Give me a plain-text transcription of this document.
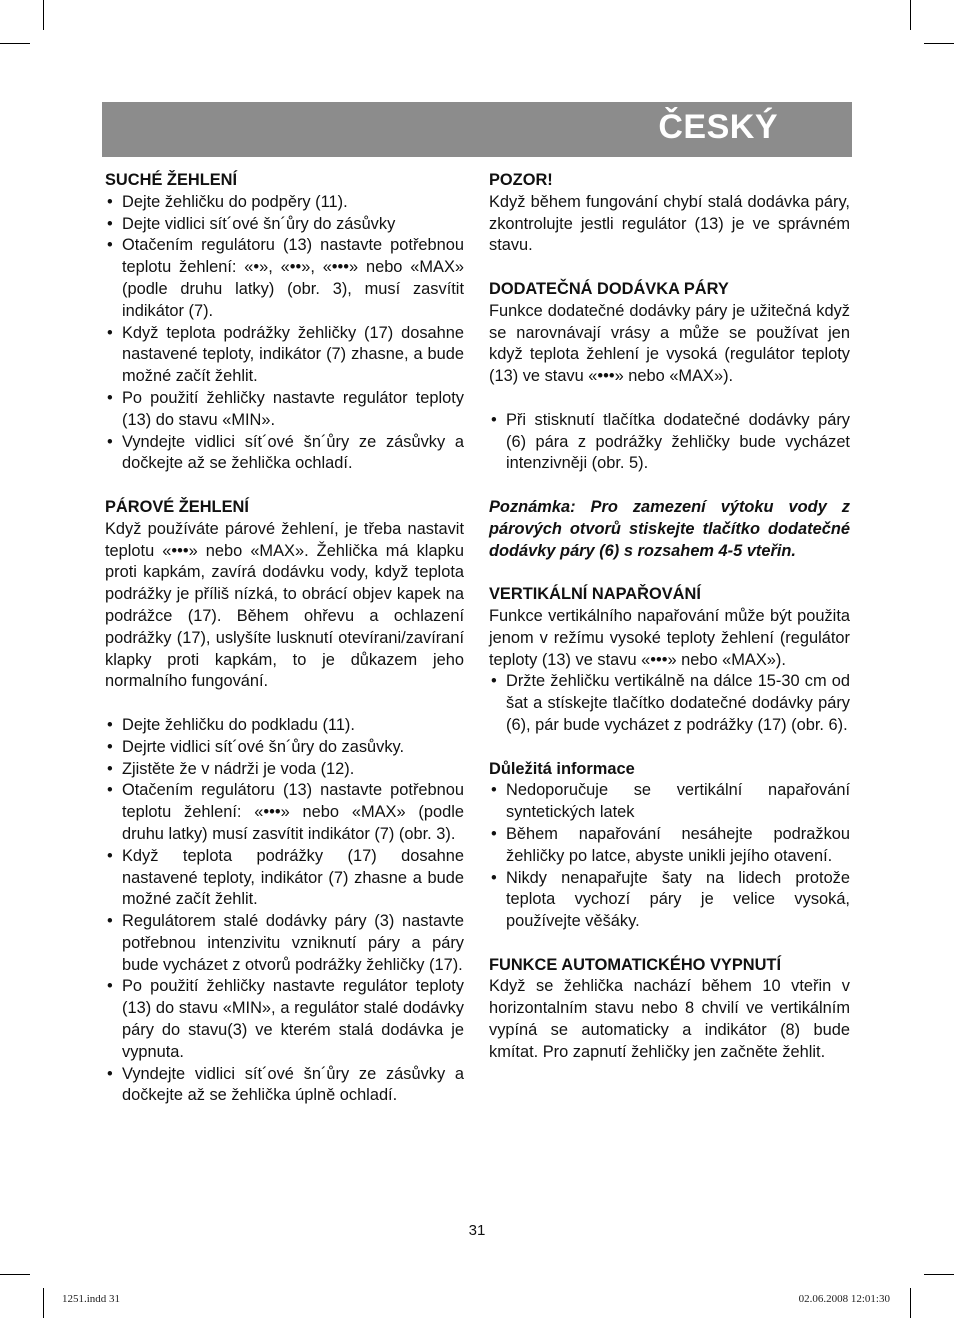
ČESKÝ
SUCHÉ ŽEHLENÍ
• Dejte žehličku do podpěry (11).
• Dejte vidlici sít´ové šn´ůry do zásůvky
• Otačením regulátoru (13) nastavte potřebnou teplotu žehlení: «•», «••», «•••» nebo «MAX» (podle druhu latky) (obr. 3), musí zasvítit indikátor (7).
• Když teplota podrážky žehličky (17) dosahne nastavené teploty, indikátor (7) zhasne, a bude možné začít žehlit.
• Po použití žehličky nastavte regulátor teploty (13) do stavu «MIN».
• Vyndejte vidlici sít´ové šn´ůry ze zásůvky a dočkejte až se žehlička ochladí.
PÁROVÉ ŽEHLENÍ

Když používáte párové žehlení, je třeba nastavit teplotu «•••» nebo «MAX». Žehlička má klapku proti kapkám, zavírá dodávku vody, když teplota podrážky je příliš nízká, to obrácí objev kapek na podrážce (17). Během ohřevu a ochlazení podrážky (17), uslyšíte lusknutí otevírani/zavíraní klapky proti kapkám, to je důkazem jeho normalního fungování.

• Dejte žehličku do podkladu (11).
• Dejrte vidlici sít´ové šn´ůry do zasůvky.
• Zjistěte že v nádrži je voda (12).
• Otačením regulátoru (13) nastavte potřebnou teplotu žehlení: «•••» nebo «MAX» (podle druhu latky) musí zasvítit indikátor (7) (obr. 3).
• Když teplota podrážky (17) dosahne nastavené teploty, indikátor (7) zhasne a bude možné začít žehlit.
• Regulátorem stalé dodávky páry (3) nastavte potřebnou intenzivitu vzniknutí páry a páry bude vycházet z otvorů podrážky žehličky (17).
• Po použití žehličky nastavte regulátor teploty (13) do stavu «MIN», a regulátor stalé dodávky páry do stavu(3) ve kterém stalá dodávka je vypnuta.
• Vyndejte vidlici sít´ové šn´ůry ze zásůvky a dočkejte až se žehlička úplně ochladí.
POZOR!

Když během fungování chybí stalá dodávka páry, zkontrolujte jestli regulátor (13) je ve správném stavu.

DODATEČNÁ DODÁVKA PÁRY

Funkce dodatečné dodávky páry je užitečná když se narovnávají vrásy a může se používat jen když teplota žehlení je vysoká (regulátor teploty (13) ve stavu «•••» nebo «MAX»).

• Při stisknutí tlačítka dodatečné dodávky páry (6) pára z podrážky žehličky bude vycházet intenzivněji (obr. 5).

Poznámka: Pro zamezení výtoku vody z párových otvorů stiskejte tlačítko dodatečné dodávky páry (6) s rozsahem 4-5 vteřin.

VERTIKÁLNÍ NAPAŘOVÁNÍ

Funkce vertikálního napařování může být použita jenom v režímu vysoké teploty žehlení (regulátor teploty (13) ve stavu «•••» nebo «MAX»).

• Držte žehličku vertikálně na dálce 15-30 cm od šat a stískejte tlačítko dodatečné dodávky páry (6), pár bude vycházet z podrážky (17) (obr. 6).
Důležitá informace
• Nedoporučuje se vertikální napařování syntetických latek
• Během napařování nesáhejte podražkou žehličky po latce, abyste unikli jejího otavení.
• Nikdy nenapařujte šaty na lidech protože teplota vychozí páry je velice vysoká, používejte věšáky.
FUNKCE AUTOMATICKÉHO VYPNUTÍ

Když se žehlička nachází během 10 vteřin v horizontalním stavu nebo 8 chvilí ve vertikálním vypíná se automaticky a indikátor (8) bude kmítat. Pro zapnutí žehličky jen začněte žehlit.

31
1251.indd 31	02.06.2008 12:01:30
